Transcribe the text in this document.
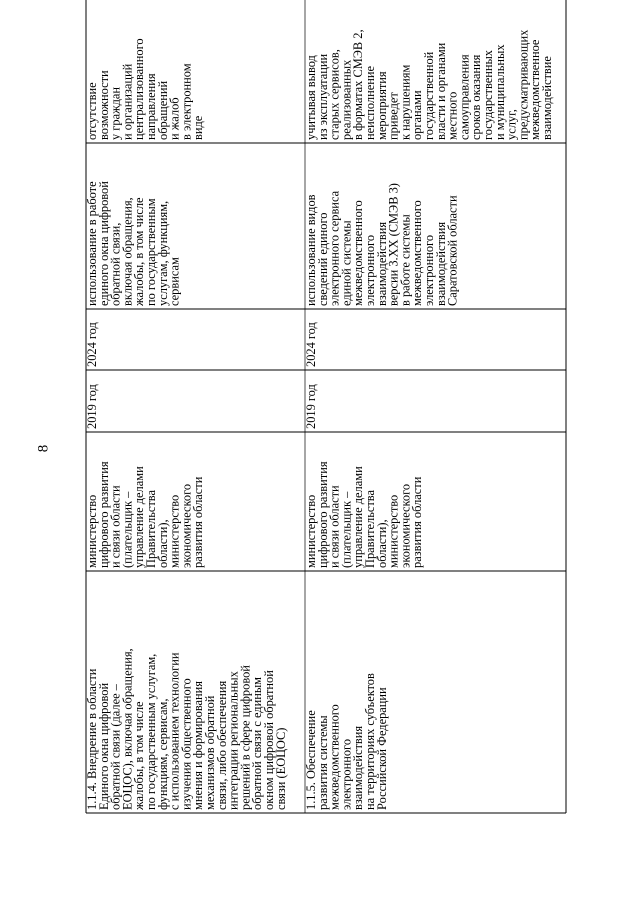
8
1.1.4. Внедрение в областиЕдиного окна цифровойобратной связи (далее –ЕОЦОС), включая обращения,жалобы, в том числепо государственным услугам,функциям, сервисам,с использованием технологииизучения общественногомнения и формированиямеханизмов обратнойсвязи, либо обеспеченияинтеграции региональныхрешений в сфере цифровойобратной связи с единымокном цифровой обратнойсвязи (ЕОЦОС)
министерствоцифрового развитияи связи области(плательщик –управление деламиПравительстваобласти),министерствоэкономическогоразвития области
2019 год
2024 год
использование в работеединого окна цифровойобратной связи,включая обращения,жалобы, в том числепо государственнымуслугам, функциям,сервисам
отсутствиевозможностиу граждани организацийцентрализованногонаправленияобращенийи жалобв электронномвиде
1.1.5. Обеспечениеразвития системымежведомственногоэлектронноговзаимодействияна территориях субъектовРоссийской Федерации
министерствоцифрового развитияи связи области(плательщик –управление деламиПравительстваобласти),министерствоэкономическогоразвития области
2019 год
2024 год
использование видовсведений единогоэлектронного сервисаединой системымежведомственногоэлектронноговзаимодействияверсии 3.ХХ (СМЭВ 3)в работе системымежведомственногоэлектронноговзаимодействияСаратовской области
учитывая выводиз эксплуатациистарых сервисов,реализованныхв форматах СМЭВ 2,неисполнениемероприятияприведетк нарушенияморганамигосударственнойвласти и органамиместногосамоуправлениясроков оказаниягосударственныхи муниципальныхуслуг,предусматривающихмежведомственноевзаимодействие
